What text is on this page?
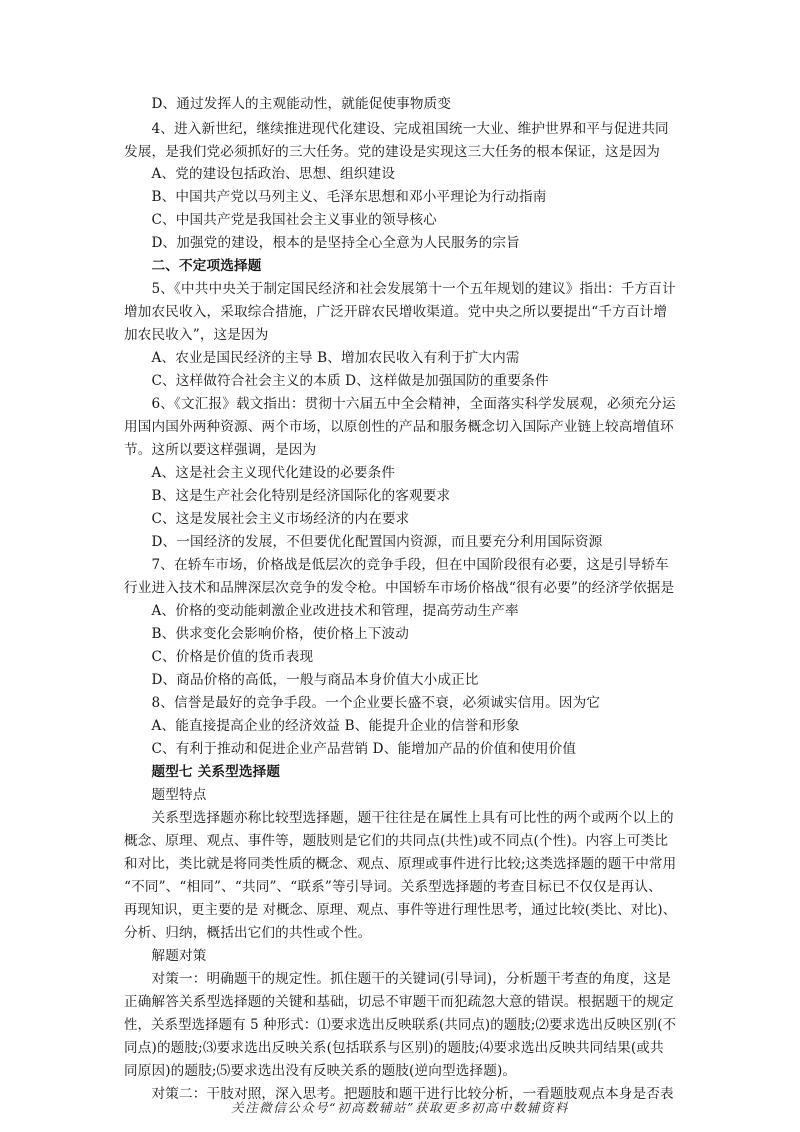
　　D、通过发挥人的主观能动性，就能促使事物质变

　　4、进入新世纪，继续推进现代化建设、完成祖国统一大业、维护世界和平与促进共同

发展，是我们党必须抓好的三大任务。党的建设是实现这三大任务的根本保证，这是因为

　　A、党的建设包括政治、思想、组织建设

　　B、中国共产党以马列主义、毛泽东思想和邓小平理论为行动指南

　　C、中国共产党是我国社会主义事业的领导核心

　　D、加强党的建设，根本的是坚持全心全意为人民服务的宗旨

　　二、不定项选择题

　　5、《中共中央关于制定国民经济和社会发展第十一个五年规划的建议》指出：千方百计

增加农民收入，采取综合措施，广泛开辟农民增收渠道。党中央之所以要提出“千方百计增

加农民收入”，这是因为

　　A、农业是国民经济的主导 B、增加农民收入有利于扩大内需

　　C、这样做符合社会主义的本质 D、这样做是加强国防的重要条件

　　6、《文汇报》载文指出：贯彻十六届五中全会精神，全面落实科学发展观，必须充分运

用国内国外两种资源、两个市场，以原创性的产品和服务概念切入国际产业链上较高增值环

节。这所以要这样强调，是因为

　　A、这是社会主义现代化建设的必要条件

　　B、这是生产社会化特别是经济国际化的客观要求

　　C、这是发展社会主义市场经济的内在要求

　　D、一国经济的发展，不但要优化配置国内资源，而且要充分利用国际资源

　　7、在轿车市场，价格战是低层次的竞争手段，但在中国阶段很有必要，这是引导轿车

行业进入技术和品牌深层次竞争的发令枪。中国轿车市场价格战“很有必要”的经济学依据是

　　A、价格的变动能刺激企业改进技术和管理，提高劳动生产率

　　B、供求变化会影响价格，使价格上下波动

　　C、价格是价值的货币表现

　　D、商品价格的高低，一般与商品本身价值大小成正比

　　8、信誉是最好的竞争手段。一个企业要长盛不衰，必须诚实信用。因为它

　　A、能直接提高企业的经济效益 B、能提升企业的信誉和形象

　　C、有利于推动和促进企业产品营销 D、能增加产品的价值和使用价值

　　题型七 关系型选择题

　　题型特点

　　关系型选择题亦称比较型选择题，题干往往是在属性上具有可比性的两个或两个以上的

概念、原理、观点、事件等，题肢则是它们的共同点(共性)或不同点(个性)。内容上可类比

和对比，类比就是将同类性质的概念、观点、原理或事件进行比较;这类选择题的题干中常用

“不同”、“相同”、“共同”、“联系”等引导词。关系型选择题的考查目标已不仅仅是再认、

再现知识，更主要的是 对概念、原理、观点、事件等进行理性思考，通过比较(类比、对比)、

分析、归纳，概括出它们的共性或个性。

　　解题对策

　　对策一：明确题干的规定性。抓住题干的关键词(引导词)，分析题干考查的角度，这是

正确解答关系型选择题的关键和基础，切忌不审题干而犯疏忽大意的错误。根据题干的规定

性，关系型选择题有 5 种形式：⑴要求选出反映联系(共同点)的题肢;⑵要求选出反映区别(不

同点)的题肢;⑶要求选出反映关系(包括联系与区别)的题肢;⑷要求选出反映共同结果(或共

同原因)的题肢;⑸要求选出没有反映关系的题肢(逆向型选择题)。

　　对策二：干肢对照，深入思考。把题肢和题干进行比较分析，一看题肢观点本身是否表

关注微信公众号“初高数辅站”获取更多初高中数辅资料
